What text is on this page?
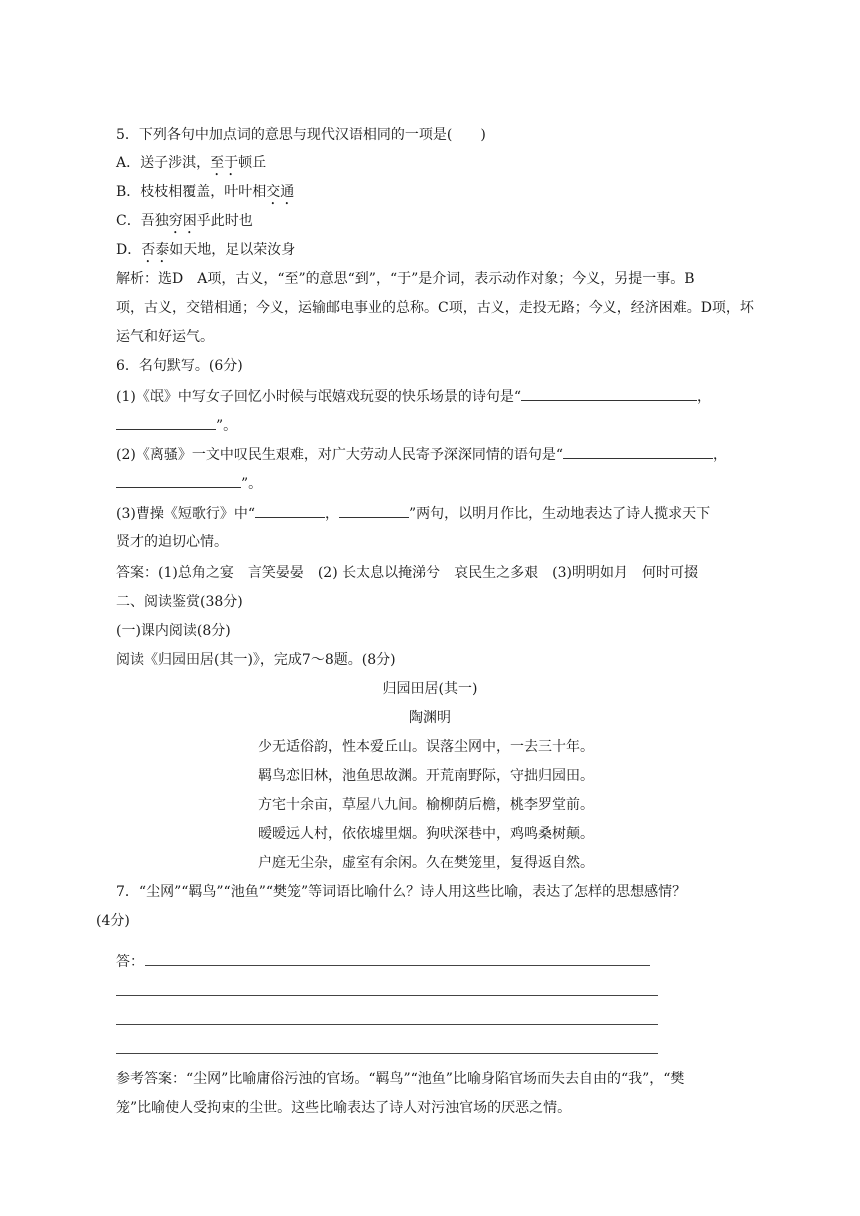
5．下列各句中加点词的意思与现代汉语相同的一项是(　　)
A．送子涉淇，至于顿丘
B．枝枝相覆盖，叶叶相交通
C．吾独穷困乎此时也
D．否泰如天地，足以荣汝身
解析：选D　A项，古义，“至”的意思“到”，“于”是介词，表示动作对象；今义，另提一事。B
项，古义，交错相通；今义，运输邮电事业的总称。C项，古义，走投无路；今义，经济困难。D项，坏
运气和好运气。
6．名句默写。(6分)
(1)《氓》中写女子回忆小时候与氓嬉戏玩耍的快乐场景的诗句是“	，
”。
(2)《离骚》一文中叹民生艰难，对广大劳动人民寄予深深同情的语句是“	，
”。
(3)曹操《短歌行》中“	，	”两句，以明月作比，生动地表达了诗人揽求天下
贤才的迫切心情。
答案：(1)总角之宴　言笑晏晏　(2) 长太息以掩涕兮　哀民生之多艰　(3)明明如月　何时可掇
二、阅读鉴赏(38分)
(一)课内阅读(8分)
阅读《归园田居(其一)》，完成7～8题。(8分)
归园田居(其一)
陶渊明
少无适俗韵，性本爱丘山。误落尘网中，一去三十年。
羁鸟恋旧林，池鱼思故渊。开荒南野际，守拙归园田。
方宅十余亩，草屋八九间。榆柳荫后檐，桃李罗堂前。
暧暧远人村，依依墟里烟。狗吠深巷中，鸡鸣桑树颠。
户庭无尘杂，虚室有余闲。久在樊笼里，复得返自然。
7．“尘网”“羁鸟”“池鱼”“樊笼”等词语比喻什么？诗人用这些比喻，表达了怎样的思想感情？
(4分)
答：
参考答案：“尘网”比喻庸俗污浊的官场。“羁鸟”“池鱼”比喻身陷官场而失去自由的“我”，“樊
笼”比喻使人受拘束的尘世。这些比喻表达了诗人对污浊官场的厌恶之情。
